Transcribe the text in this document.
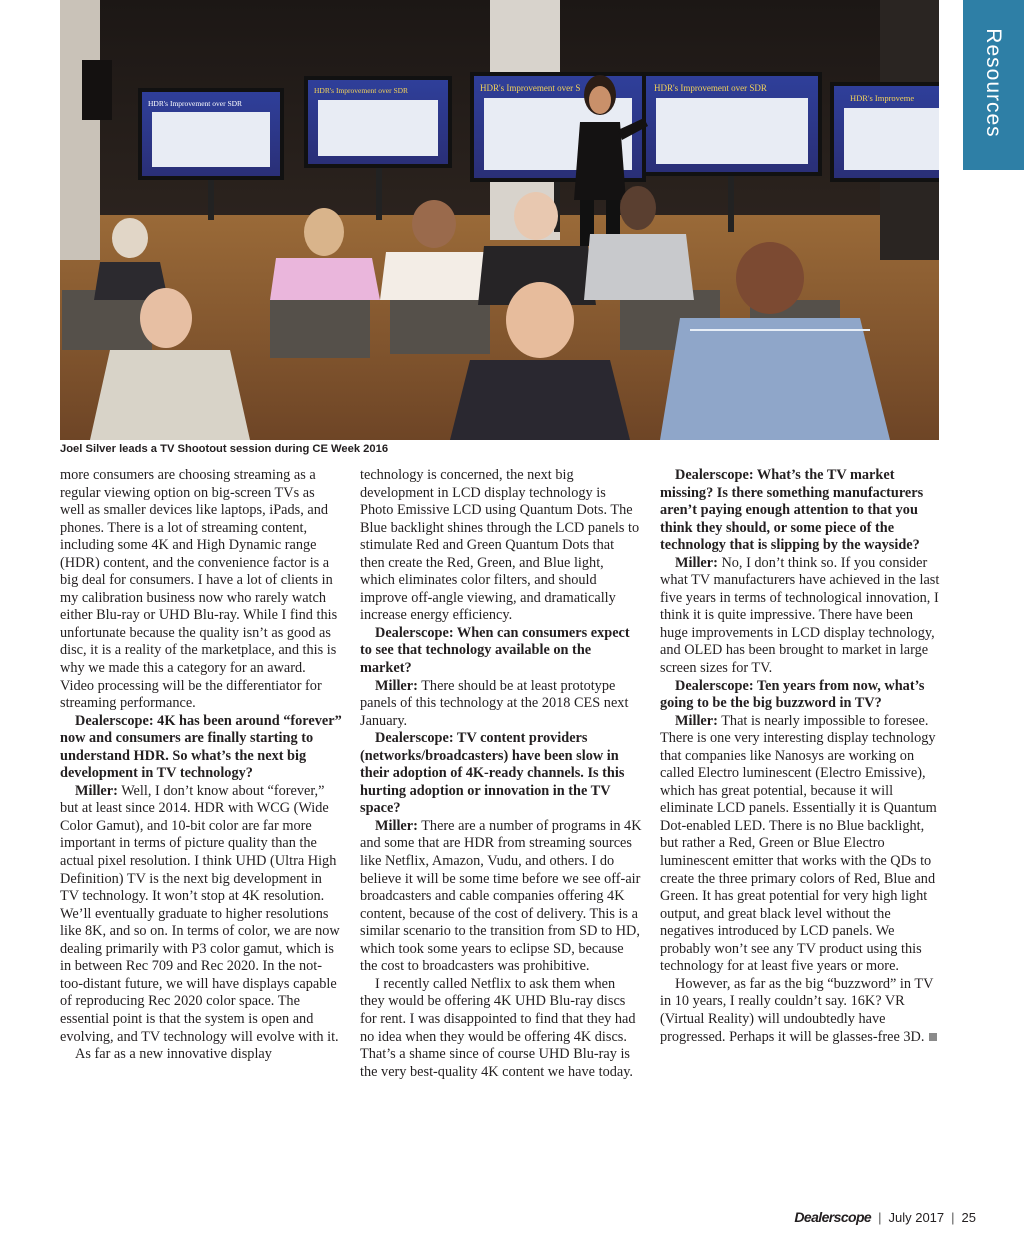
Resources
HDR's Improvement over SDR
HDR's Improvement over SDR	HDR's Improvement over S	HDR's Improvement over SDR
HDR's Improveme
Joel Silver leads a TV Shootout session during CE Week 2016

more consumers are choosing streaming as a regular viewing option on big-screen TVs as well as smaller devices like laptops, iPads, and phones. There is a lot of streaming content, including some 4K and High Dynamic range (HDR) content, and the convenience factor is a big deal for consumers. I have a lot of clients in my calibration business now who rarely watch either Blu-ray or UHD Blu-ray. While I find this unfortunate because the quality isn’t as good as disc, it is a reality of the marketplace, and this is why we made this a category for an award. Video processing will be the differentiator for streaming performance.

Dealerscope: 4K has been around “forever” now and consumers are finally starting to understand HDR. So what’s the next big development in TV technology?

Miller: Well, I don’t know about “forever,” but at least since 2014. HDR with WCG (Wide Color Gamut), and 10-bit color are far more important in terms of picture quality than the actual pixel resolution. I think UHD (Ultra High Definition) TV is the next big development in TV technology. It won’t stop at 4K resolution. We’ll eventually graduate to higher resolutions like 8K, and so on. In terms of color, we are now dealing primarily with P3 color gamut, which is in between Rec 709 and Rec 2020. In the not-too-distant future, we will have displays capable of reproducing Rec 2020 color space. The essential point is that the system is open and evolving, and TV technology will evolve with it.

As far as a new innovative display

technology is concerned, the next big development in LCD display technology is Photo Emissive LCD using Quantum Dots. The Blue backlight shines through the LCD panels to stimulate Red and Green Quantum Dots that then create the Red, Green, and Blue light, which eliminates color filters, and should improve off-angle viewing, and dramatically increase energy efficiency.

Dealerscope: When can consumers expect to see that technology available on the market?

Miller: There should be at least prototype panels of this technology at the 2018 CES next January.

Dealerscope: TV content providers (networks/broadcasters) have been slow in their adoption of 4K-ready channels. Is this hurting adoption or innovation in the TV space?

Miller: There are a number of programs in 4K and some that are HDR from streaming sources like Netflix, Amazon, Vudu, and others. I do believe it will be some time before we see off-air broadcasters and cable companies offering 4K content, because of the cost of delivery. This is a similar scenario to the transition from SD to HD, which took some years to eclipse SD, because the cost to broadcasters was prohibitive.

I recently called Netflix to ask them when they would be offering 4K UHD Blu-ray discs for rent. I was disappointed to find that they had no idea when they would be offering 4K discs. That’s a shame since of course UHD Blu-ray is the very best-quality 4K content we have today.

Dealerscope: What’s the TV market missing? Is there something manufacturers aren’t paying enough attention to that you think they should, or some piece of the technology that is slipping by the wayside?

Miller: No, I don’t think so. If you consider what TV manufacturers have achieved in the last five years in terms of technological innovation, I think it is quite impressive. There have been huge improvements in LCD display technology, and OLED has been brought to market in large screen sizes for TV.

Dealerscope: Ten years from now, what’s going to be the big buzzword in TV?

Miller: That is nearly impossible to foresee. There is one very interesting display technology that companies like Nanosys are working on called Electro luminescent (Electro Emissive), which has great potential, because it will eliminate LCD panels. Essentially it is Quantum Dot-enabled LED. There is no Blue backlight, but rather a Red, Green or Blue Electro luminescent emitter that works with the QDs to create the three primary colors of Red, Blue and Green. It has great potential for very high light output, and great black level without the negatives introduced by LCD panels. We probably won’t see any TV product using this technology for at least five years or more.

However, as far as the big “buzzword” in TV in 10 years, I really couldn’t say. 16K? VR (Virtual Reality) will undoubtedly have progressed. Perhaps it will be glasses-free 3D.

Dealerscope | July 2017 | 25
